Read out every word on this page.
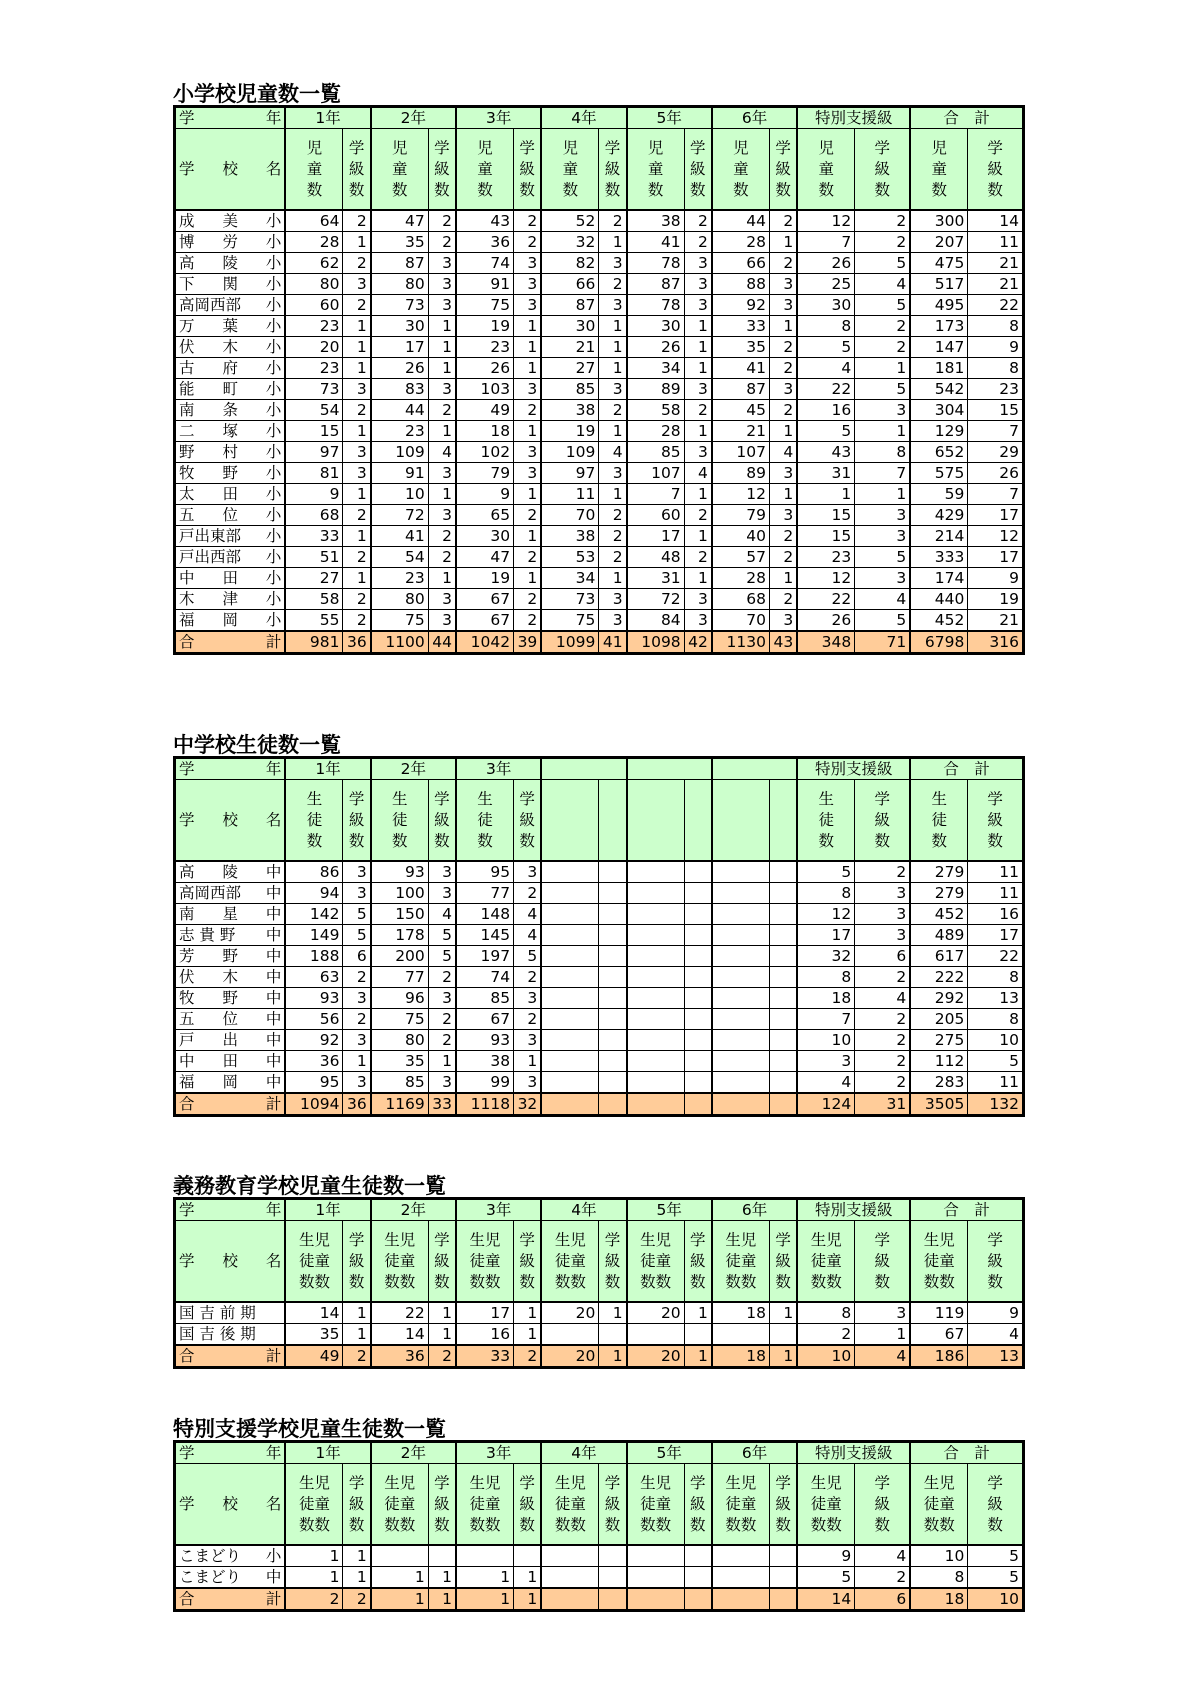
小学校児童数一覧
学 年	1年		2年		3年		4年		5年		6年		特別支援級		合　計	

学 校 名	児
童
数	学
級
数	児
童
数	学
級
数	児
童
数	学
級
数	児
童
数	学
級
数	児
童
数	学
級
数	児
童
数	学
級
数	児
童
数	学
級
数	児
童
数	学
級
数

成 美 小	64	2	47	2	43	2	52	2	38	2	44	2	12	2	300	14

博 労 小	28	1	35	2	36	2	32	1	41	2	28	1	7	2	207	11

高 陵 小	62	2	87	3	74	3	82	3	78	3	66	2	26	5	475	21

下 関 小	80	3	80	3	91	3	66	2	87	3	88	3	25	4	517	21

高岡西部 小	60	2	73	3	75	3	87	3	78	3	92	3	30	5	495	22

万 葉 小	23	1	30	1	19	1	30	1	30	1	33	1	8	2	173	8

伏 木 小	20	1	17	1	23	1	21	1	26	1	35	2	5	2	147	9

古 府 小	23	1	26	1	26	1	27	1	34	1	41	2	4	1	181	8

能 町 小	73	3	83	3	103	3	85	3	89	3	87	3	22	5	542	23

南 条 小	54	2	44	2	49	2	38	2	58	2	45	2	16	3	304	15

二 塚 小	15	1	23	1	18	1	19	1	28	1	21	1	5	1	129	7

野 村 小	97	3	109	4	102	3	109	4	85	3	107	4	43	8	652	29

牧 野 小	81	3	91	3	79	3	97	3	107	4	89	3	31	7	575	26

太 田 小	9	1	10	1	9	1	11	1	7	1	12	1	1	1	59	7

五 位 小	68	2	72	3	65	2	70	2	60	2	79	3	15	3	429	17

戸出東部 小	33	1	41	2	30	1	38	2	17	1	40	2	15	3	214	12

戸出西部 小	51	2	54	2	47	2	53	2	48	2	57	2	23	5	333	17

中 田 小	27	1	23	1	19	1	34	1	31	1	28	1	12	3	174	9

木 津 小	58	2	80	3	67	2	73	3	72	3	68	2	22	4	440	19

福 岡 小	55	2	75	3	67	2	75	3	84	3	70	3	26	5	452	21

合 計	981	36	1100	44	1042	39	1099	41	1098	42	1130	43	348	71	6798	316
中学校生徒数一覧
学 年	1年		2年		3年								特別支援級		合　計	

学 校 名	生
徒
数	学
級
数	生
徒
数	学
級
数	生
徒
数	学
級
数							生
徒
数	学
級
数	生
徒
数	学
級
数

高 陵 中	86	3	93	3	95	3							5	2	279	11

高岡西部 中	94	3	100	3	77	2							8	3	279	11

南 星 中	142	5	150	4	148	4							12	3	452	16

志 貴 野 中	149	5	178	5	145	4							17	3	489	17

芳 野 中	188	6	200	5	197	5							32	6	617	22

伏 木 中	63	2	77	2	74	2							8	2	222	8

牧 野 中	93	3	96	3	85	3							18	4	292	13

五 位 中	56	2	75	2	67	2							7	2	205	8

戸 出 中	92	3	80	2	93	3							10	2	275	10

中 田 中	36	1	35	1	38	1							3	2	112	5

福 岡 中	95	3	85	3	99	3							4	2	283	11

合 計	1094	36	1169	33	1118	32							124	31	3505	132
義務教育学校児童生徒数一覧
学 年	1年		2年		3年		4年		5年		6年		特別支援級		合　計	

学 校 名	生児
徒童
数数	学
級
数	生児
徒童
数数	学
級
数	生児
徒童
数数	学
級
数	生児
徒童
数数	学
級
数	生児
徒童
数数	学
級
数	生児
徒童
数数	学
級
数	生児
徒童
数数	学
級
数	生児
徒童
数数	学
級
数

国 吉 前 期	14	1	22	1	17	1	20	1	20	1	18	1	8	3	119	9

国 吉 後 期	35	1	14	1	16	1							2	1	67	4

合 計	49	2	36	2	33	2	20	1	20	1	18	1	10	4	186	13
特別支援学校児童生徒数一覧
学 年	1年		2年		3年		4年		5年		6年		特別支援級		合　計	

学 校 名	生児
徒童
数数	学
級
数	生児
徒童
数数	学
級
数	生児
徒童
数数	学
級
数	生児
徒童
数数	学
級
数	生児
徒童
数数	学
級
数	生児
徒童
数数	学
級
数	生児
徒童
数数	学
級
数	生児
徒童
数数	学
級
数

こまどり 小	1	1											9	4	10	5

こまどり 中	1	1	1	1	1	1							5	2	8	5

合 計	2	2	1	1	1	1							14	6	18	10
